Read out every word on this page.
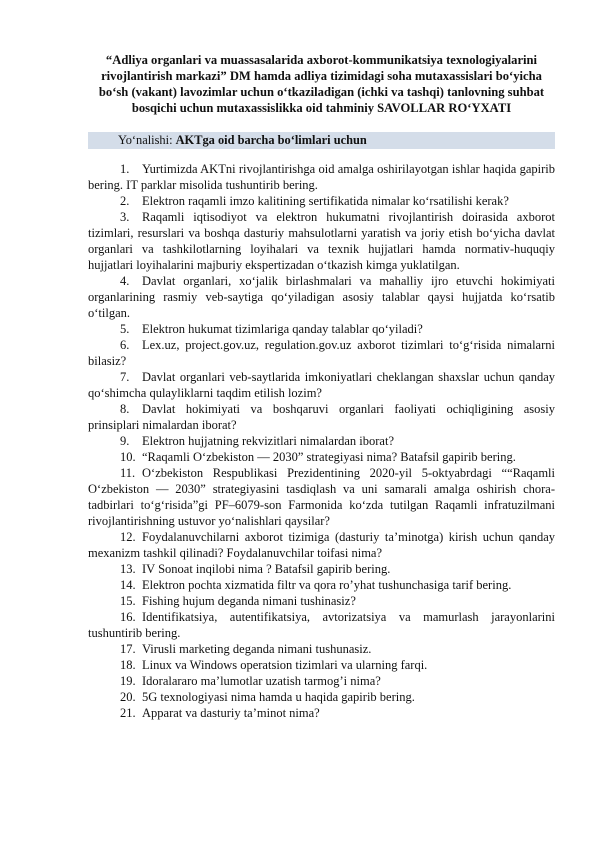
“Adliya organlari va muassasalarida axborot-kommunikatsiya texnologiyalarini rivojlantirish markazi” DM hamda adliya tizimidagi soha mutaxassislari bo‘yicha bo‘sh (vakant) lavozimlar uchun o‘tkaziladigan (ichki va tashqi) tanlovning suhbat bosqichi uchun mutaxassislikka oid tahminiy SAVOLLAR RO‘YXATI
Yo‘nalishi: AKTga oid barcha bo‘limlari uchun
1. Yurtimizda AKTni rivojlantirishga oid amalga oshirilayotgan ishlar haqida gapirib bering. IT parklar misolida tushuntirib bering.
2. Elektron raqamli imzo kalitining sertifikatida nimalar ko‘rsatilishi kerak?
3. Raqamli iqtisodiyot va elektron hukumatni rivojlantirish doirasida axborot tizimlari, resurslari va boshqa dasturiy mahsulotlarni yaratish va joriy etish bo‘yicha davlat organlari va tashkilotlarning loyihalari va texnik hujjatlari hamda normativ-huquqiy hujjatlari loyihalarini majburiy ekspertizadan o‘tkazish kimga yuklatilgan.
4. Davlat organlari, xo‘jalik birlashmalari va mahalliy ijro etuvchi hokimiyati organlarining rasmiy veb-saytiga qo‘yiladigan asosiy talablar qaysi hujjatda ko‘rsatib o‘tilgan.
5. Elektron hukumat tizimlariga qanday talablar qo‘yiladi?
6. Lex.uz, project.gov.uz, regulation.gov.uz axborot tizimlari to‘g‘risida nimalarni bilasiz?
7. Davlat organlari veb-saytlarida imkoniyatlari cheklangan shaxslar uchun qanday qo‘shimcha qulayliklarni taqdim etilish lozim?
8. Davlat hokimiyati va boshqaruvi organlari faoliyati ochiqligining asosiy prinsiplari nimalardan iborat?
9. Elektron hujjatning rekvizitlari nimalardan iborat?
10. “Raqamli O‘zbekiston — 2030” strategiyasi nima? Batafsil gapirib bering.
11. O‘zbekiston Respublikasi Prezidentining 2020-yil 5-oktyabrdagi ““Raqamli O‘zbekiston — 2030” strategiyasini tasdiqlash va uni samarali amalga oshirish chora-tadbirlari to‘g‘risida”gi PF–6079-son Farmonida ko‘zda tutilgan Raqamli infratuzilmani rivojlantirishning ustuvor yo‘nalishlari qaysilar?
12. Foydalanuvchilarni axborot tizimiga (dasturiy ta’minotga) kirish uchun qanday mexanizm tashkil qilinadi? Foydalanuvchilar toifasi nima?
13. IV Sonoat inqilobi nima ? Batafsil gapirib bering.
14. Elektron pochta xizmatida filtr va qora ro’yhat tushunchasiga tarif bering.
15. Fishing hujum deganda nimani tushinasiz?
16. Identifikatsiya, autentifikatsiya, avtorizatsiya va mamurlash jarayonlarini tushuntirib bering.
17. Virusli marketing deganda nimani tushunasiz.
18. Linux va Windows operatsion tizimlari va ularning farqi.
19. Idoralararo ma’lumotlar uzatish tarmog’i nima?
20. 5G texnologiyasi nima hamda u haqida gapirib bering.
21. Apparat va dasturiy ta’minot nima?
